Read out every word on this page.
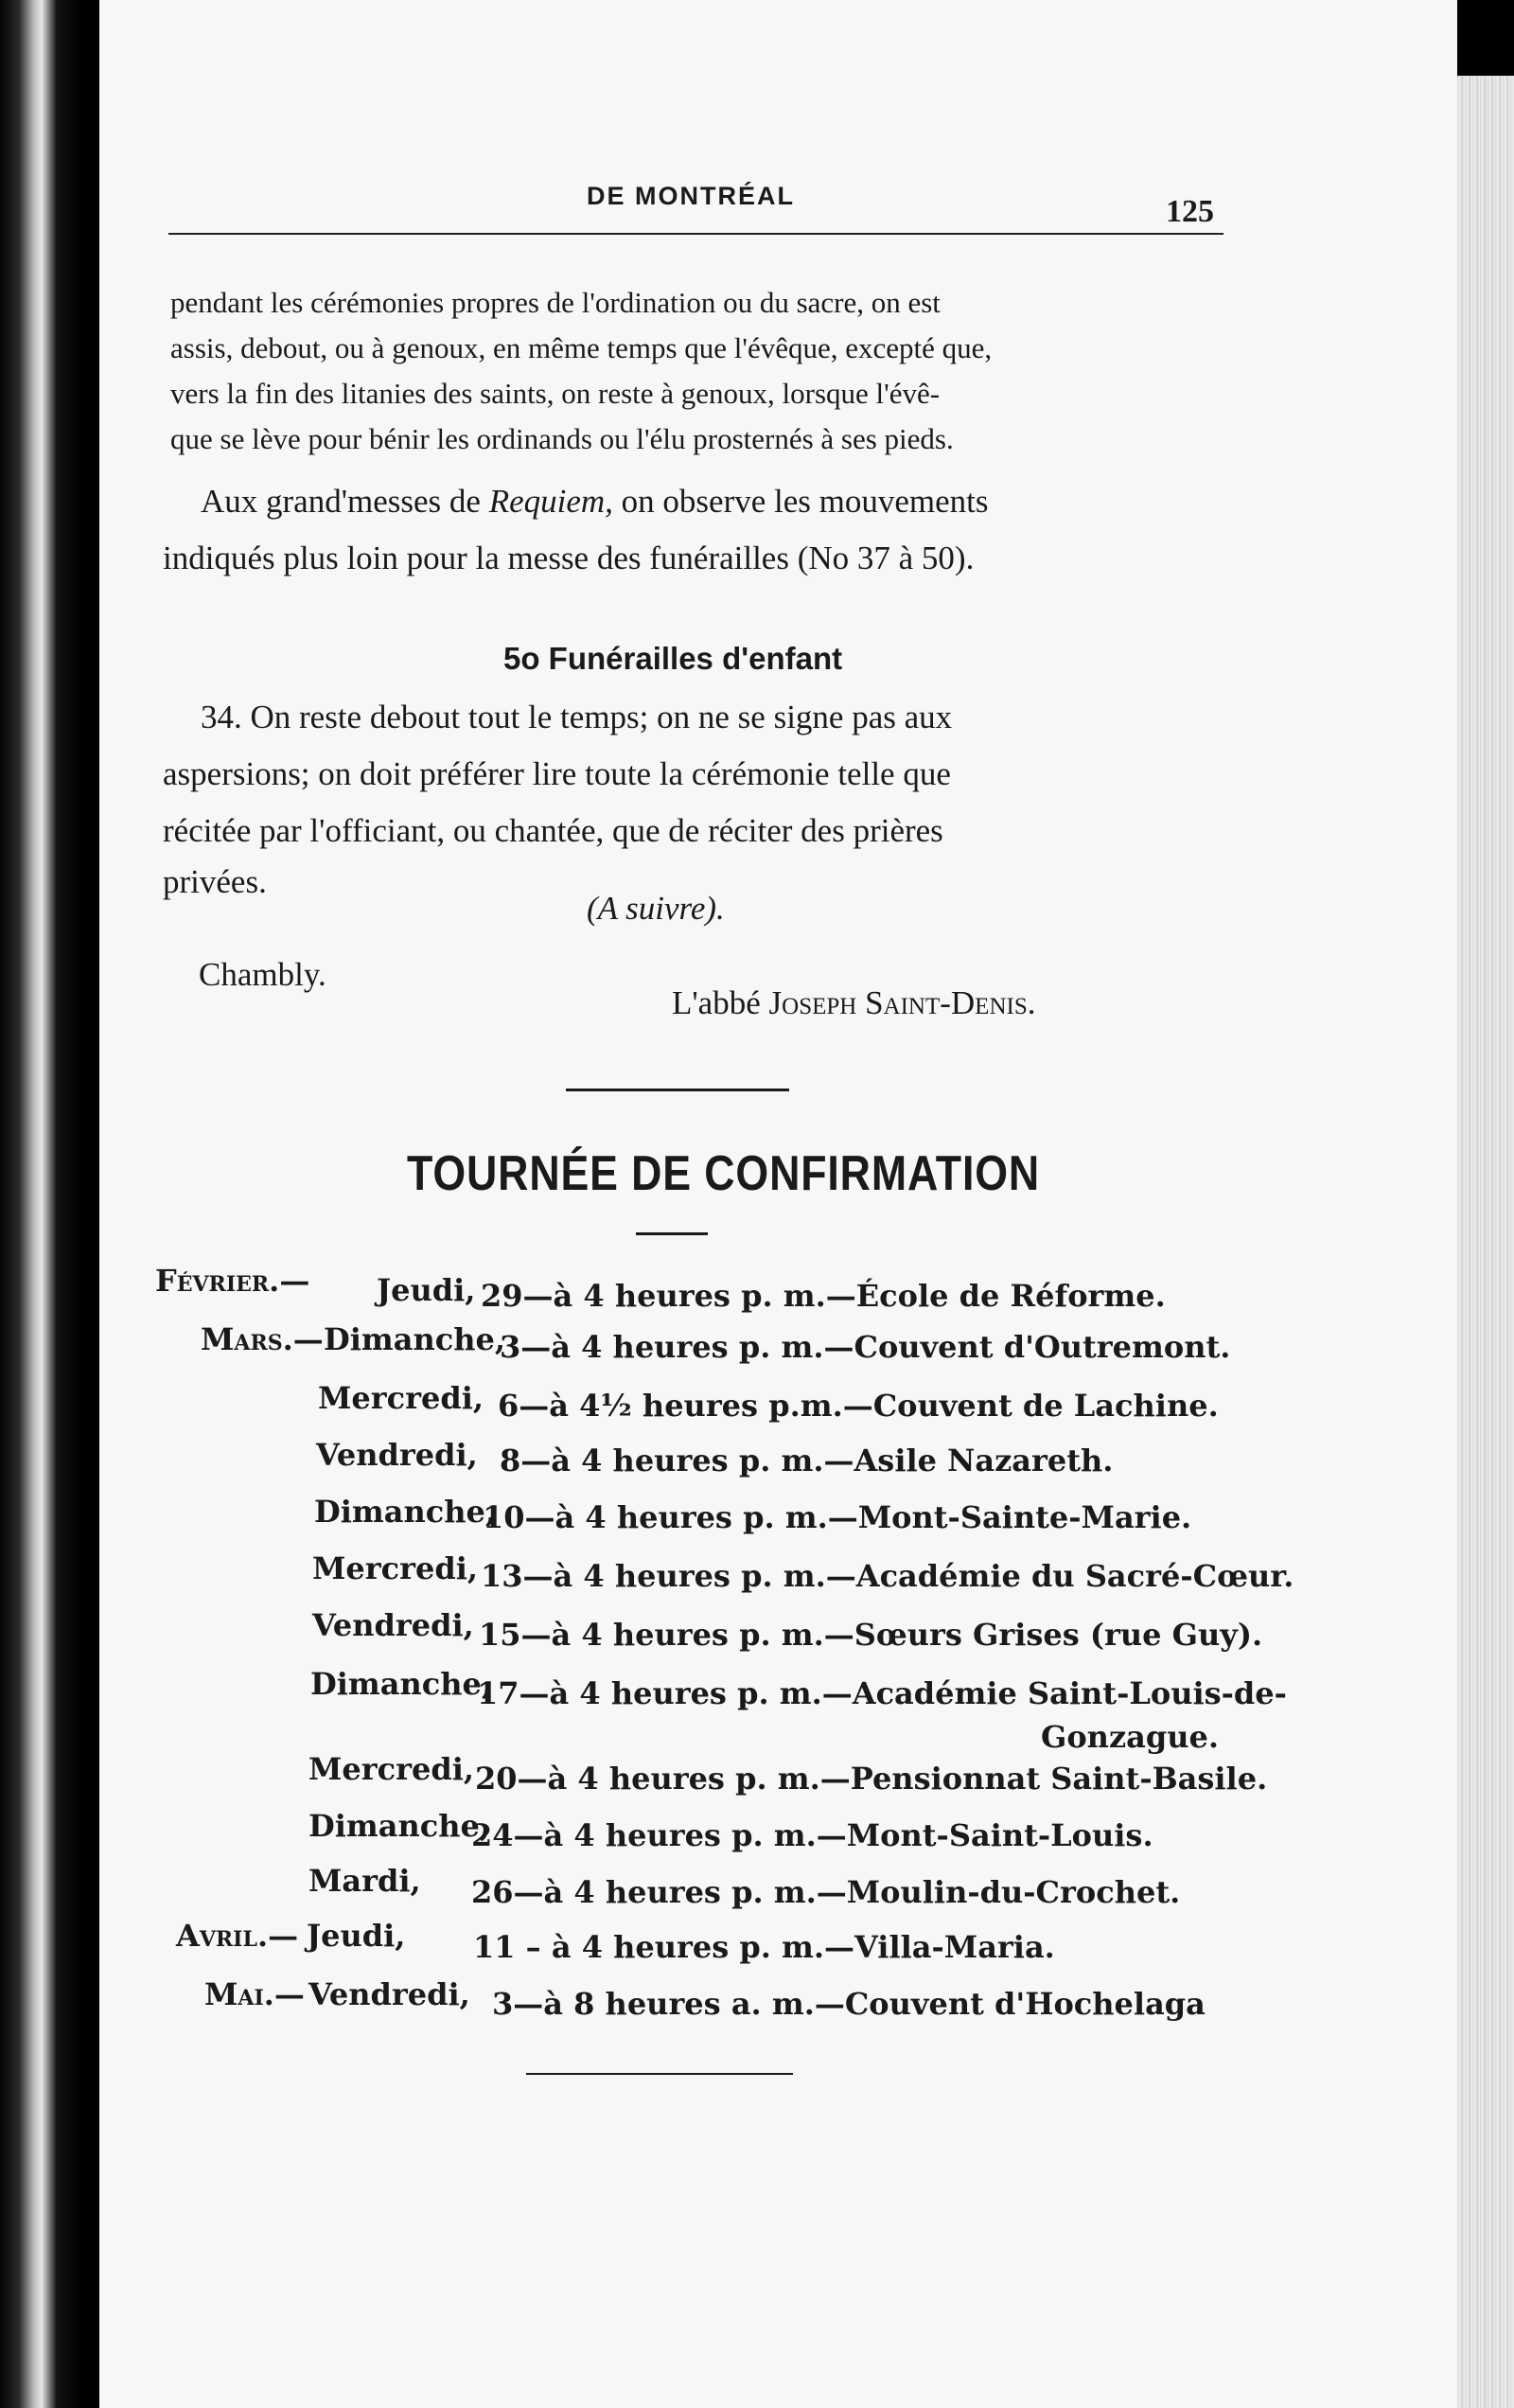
DE MONTRÉAL	125
pendant les cérémonies propres de l'ordination ou du sacre, on est
assis, debout, ou à genoux, en même temps que l'évêque, excepté que,
vers la fin des litanies des saints, on reste à genoux, lorsque l'évê-
que se lève pour bénir les ordinands ou l'élu prosternés à ses pieds.
Aux grand'messes de Requiem, on observe les mouvements
indiqués plus loin pour la messe des funérailles (No 37 à 50).
5o Funérailles d'enfant
34. On reste debout tout le temps; on ne se signe pas aux
aspersions; on doit préférer lire toute la cérémonie telle que
récitée par l'officiant, ou chantée, que de réciter des prières
privées.
(A suivre).
Chambly.
L'abbé Joseph Saint-Denis.
TOURNÉE DE CONFIRMATION
Février.— Jeudi, 29—à 4 heures p. m.—École de Réforme.
Mars.— Dimanche,
3—à 4 heures p. m.—Couvent d'Outremont.
Mercredi, 6—à 4½ heures p.m.—Couvent de Lachine.
Vendredi, 8—à 4 heures p. m.—Asile Nazareth.
Dimanche,
10—à 4 heures p. m.—Mont-Sainte-Marie.
Mercredi, 13—à 4 heures p. m.—Académie du Sacré-Cœur.
Vendredi, 15—à 4 heures p. m.—Sœurs Grises (rue Guy).
Dimanche,
17—à 4 heures p. m.—Académie Saint-Louis-de-
Gonzague.
Mercredi, 20—à 4 heures p. m.—Pensionnat Saint-Basile.
Dimanche,
24—à 4 heures p. m.—Mont-Saint-Louis.
Mardi, 26—à 4 heures p. m.—Moulin-du-Crochet.
Avril.— Jeudi, 11 – à 4 heures p. m.—Villa-Maria.
Mai.— Vendredi, 3—à 8 heures a. m.—Couvent d'Hochelaga
